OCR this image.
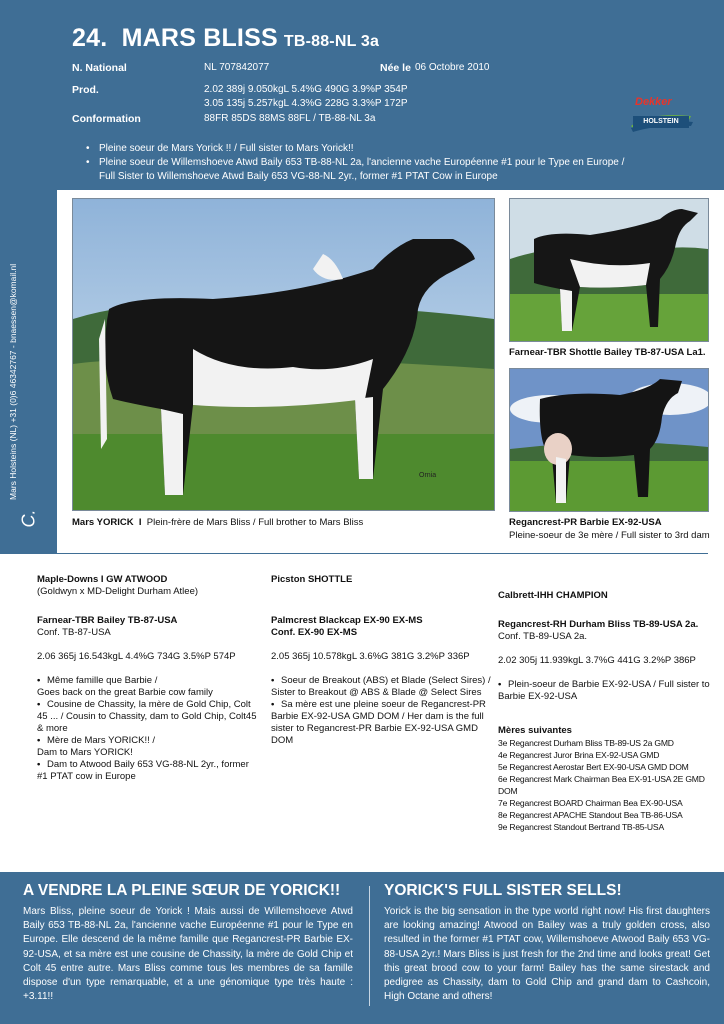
24. MARS BLISS TB-88-NL 3a
N. National	NL 707842077	Née le 06 Octobre 2010
Prod.	2.02 389j 9.050kgL 5.4%G 490G 3.9%P 354P
3.05 135j 5.257kgL 4.3%G 228G 3.3%P 172P
Conformation	88FR 85DS 88MS 88FL / TB-88-NL 3a
Dekker
HOLSTEIN
• Pleine soeur de Mars Yorick !! / Full sister to Mars Yorick!!
• Pleine soeur de Willemshoeve Atwd Baily 653 TB-88-NL 2a, l'ancienne vache Européenne #1 pour le Type en Europe /
Full Sister to Willemshoeve Atwd Baily 653 VG-88-NL 2yr., former #1 PTAT Cow in Europe
Mars Holsteins (NL) +31 (0)6 46342767 - bnaessen@komail.nl
C.
Ornia
Mars YORICK I Plein-frère de Mars Bliss / Full brother to Mars Bliss
Farnear-TBR Shottle Bailey TB-87-USA La1.
Regancrest-PR Barbie EX-92-USA
Pleine-soeur de 3e mère / Full sister to 3rd dam
Maple-Downs I GW ATWOOD
(Goldwyn x MD-Delight Durham Atlee)
Farnear-TBR Bailey TB-87-USA
Conf. TB-87-USA
2.06 365j 16.543kgL 4.4%G 734G 3.5%P 574P
• Même famille que Barbie /
Goes back on the great Barbie cow family
• Cousine de Chassity, la mère de Gold Chip, Colt
45 ... / Cousin to Chassity, dam to Gold Chip, Colt45
& more
• Mère de Mars YORICK!! /
Dam to Mars YORICK!
• Dam to Atwood Baily 653 VG-88-NL 2yr., former
#1 PTAT cow in Europe
Picston SHOTTLE
Palmcrest Blackcap EX-90 EX-MS
Conf. EX-90 EX-MS
2.05 365j 10.578kgL 3.6%G 381G 3.2%P 336P
• Soeur de Breakout (ABS) et Blade (Select Sires) /
Sister to Breakout @ ABS & Blade @ Select Sires
• Sa mère est une pleine soeur de Regancrest-PR
Barbie EX-92-USA GMD DOM / Her dam is the full
sister to Regancrest-PR Barbie EX-92-USA GMD DOM
Calbrett-IHH CHAMPION
Regancrest-RH Durham Bliss TB-89-USA 2a.
Conf. TB-89-USA 2a.
2.02 305j 11.939kgL 3.7%G 441G 3.2%P 386P
• Plein-soeur de Barbie EX-92-USA / Full sister to
Barbie EX-92-USA
Mères suivantes
3e Regancrest Durham Bliss TB-89-US 2a GMD
4e Regancrest Juror Brina EX-92-USA GMD
5e Regancrest Aerostar Bert EX-90-USA GMD DOM
6e Regancrest Mark Chairman Bea EX-91-USA 2E GMD DOM
7e Regancrest BOARD Chairman Bea EX-90-USA
8e Regancrest APACHE Standout Bea TB-86-USA
9e Regancrest Standout Bertrand TB-85-USA
A VENDRE LA PLEINE SŒUR DE YORICK!!
Mars Bliss, pleine soeur de Yorick ! Mais aussi de Willemshoeve Atwd Baily 653 TB-88-NL 2a, l'ancienne vache Européenne #1 pour le Type en Europe. Elle descend de la même famille que Regancrest-PR Barbie EX-92-USA, et sa mère est une cousine de Chassity, la mère de Gold Chip et Colt 45 entre autre. Mars Bliss comme tous les membres de sa famille dispose d'un type remarquable, et a une génomique type très haute : +3.11!!
YORICK'S FULL SISTER SELLS!
Yorick is the big sensation in the type world right now! His first daughters are looking amazing! Atwood on Bailey was a truly golden cross, also resulted in the former #1 PTAT cow, Willemshoeve Atwood Baily 653 VG-88-USA 2yr.! Mars Bliss is just fresh for the 2nd time and looks great! Get this great brood cow to your farm! Bailey has the same sirestack and pedigree as Chassity, dam to Gold Chip and grand dam to Cashcoin, High Octane and others!
